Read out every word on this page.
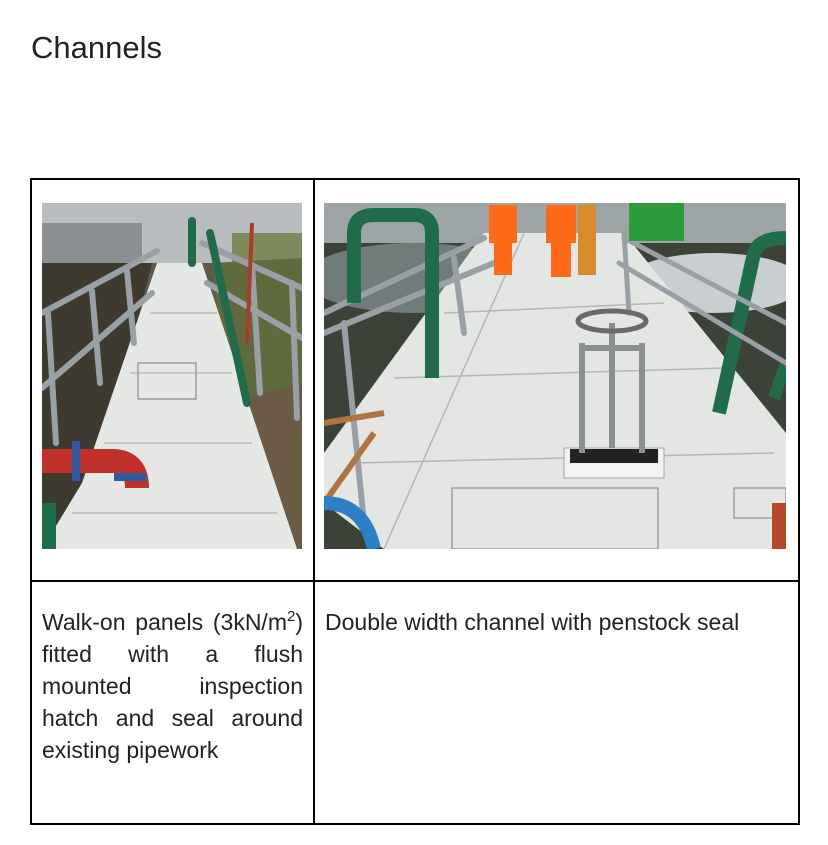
Channels

Walk-on panels $(3kN/m^2)$ fitted with a flush mounted inspection hatch and seal around existing pipework	Double width channel with penstock seal
